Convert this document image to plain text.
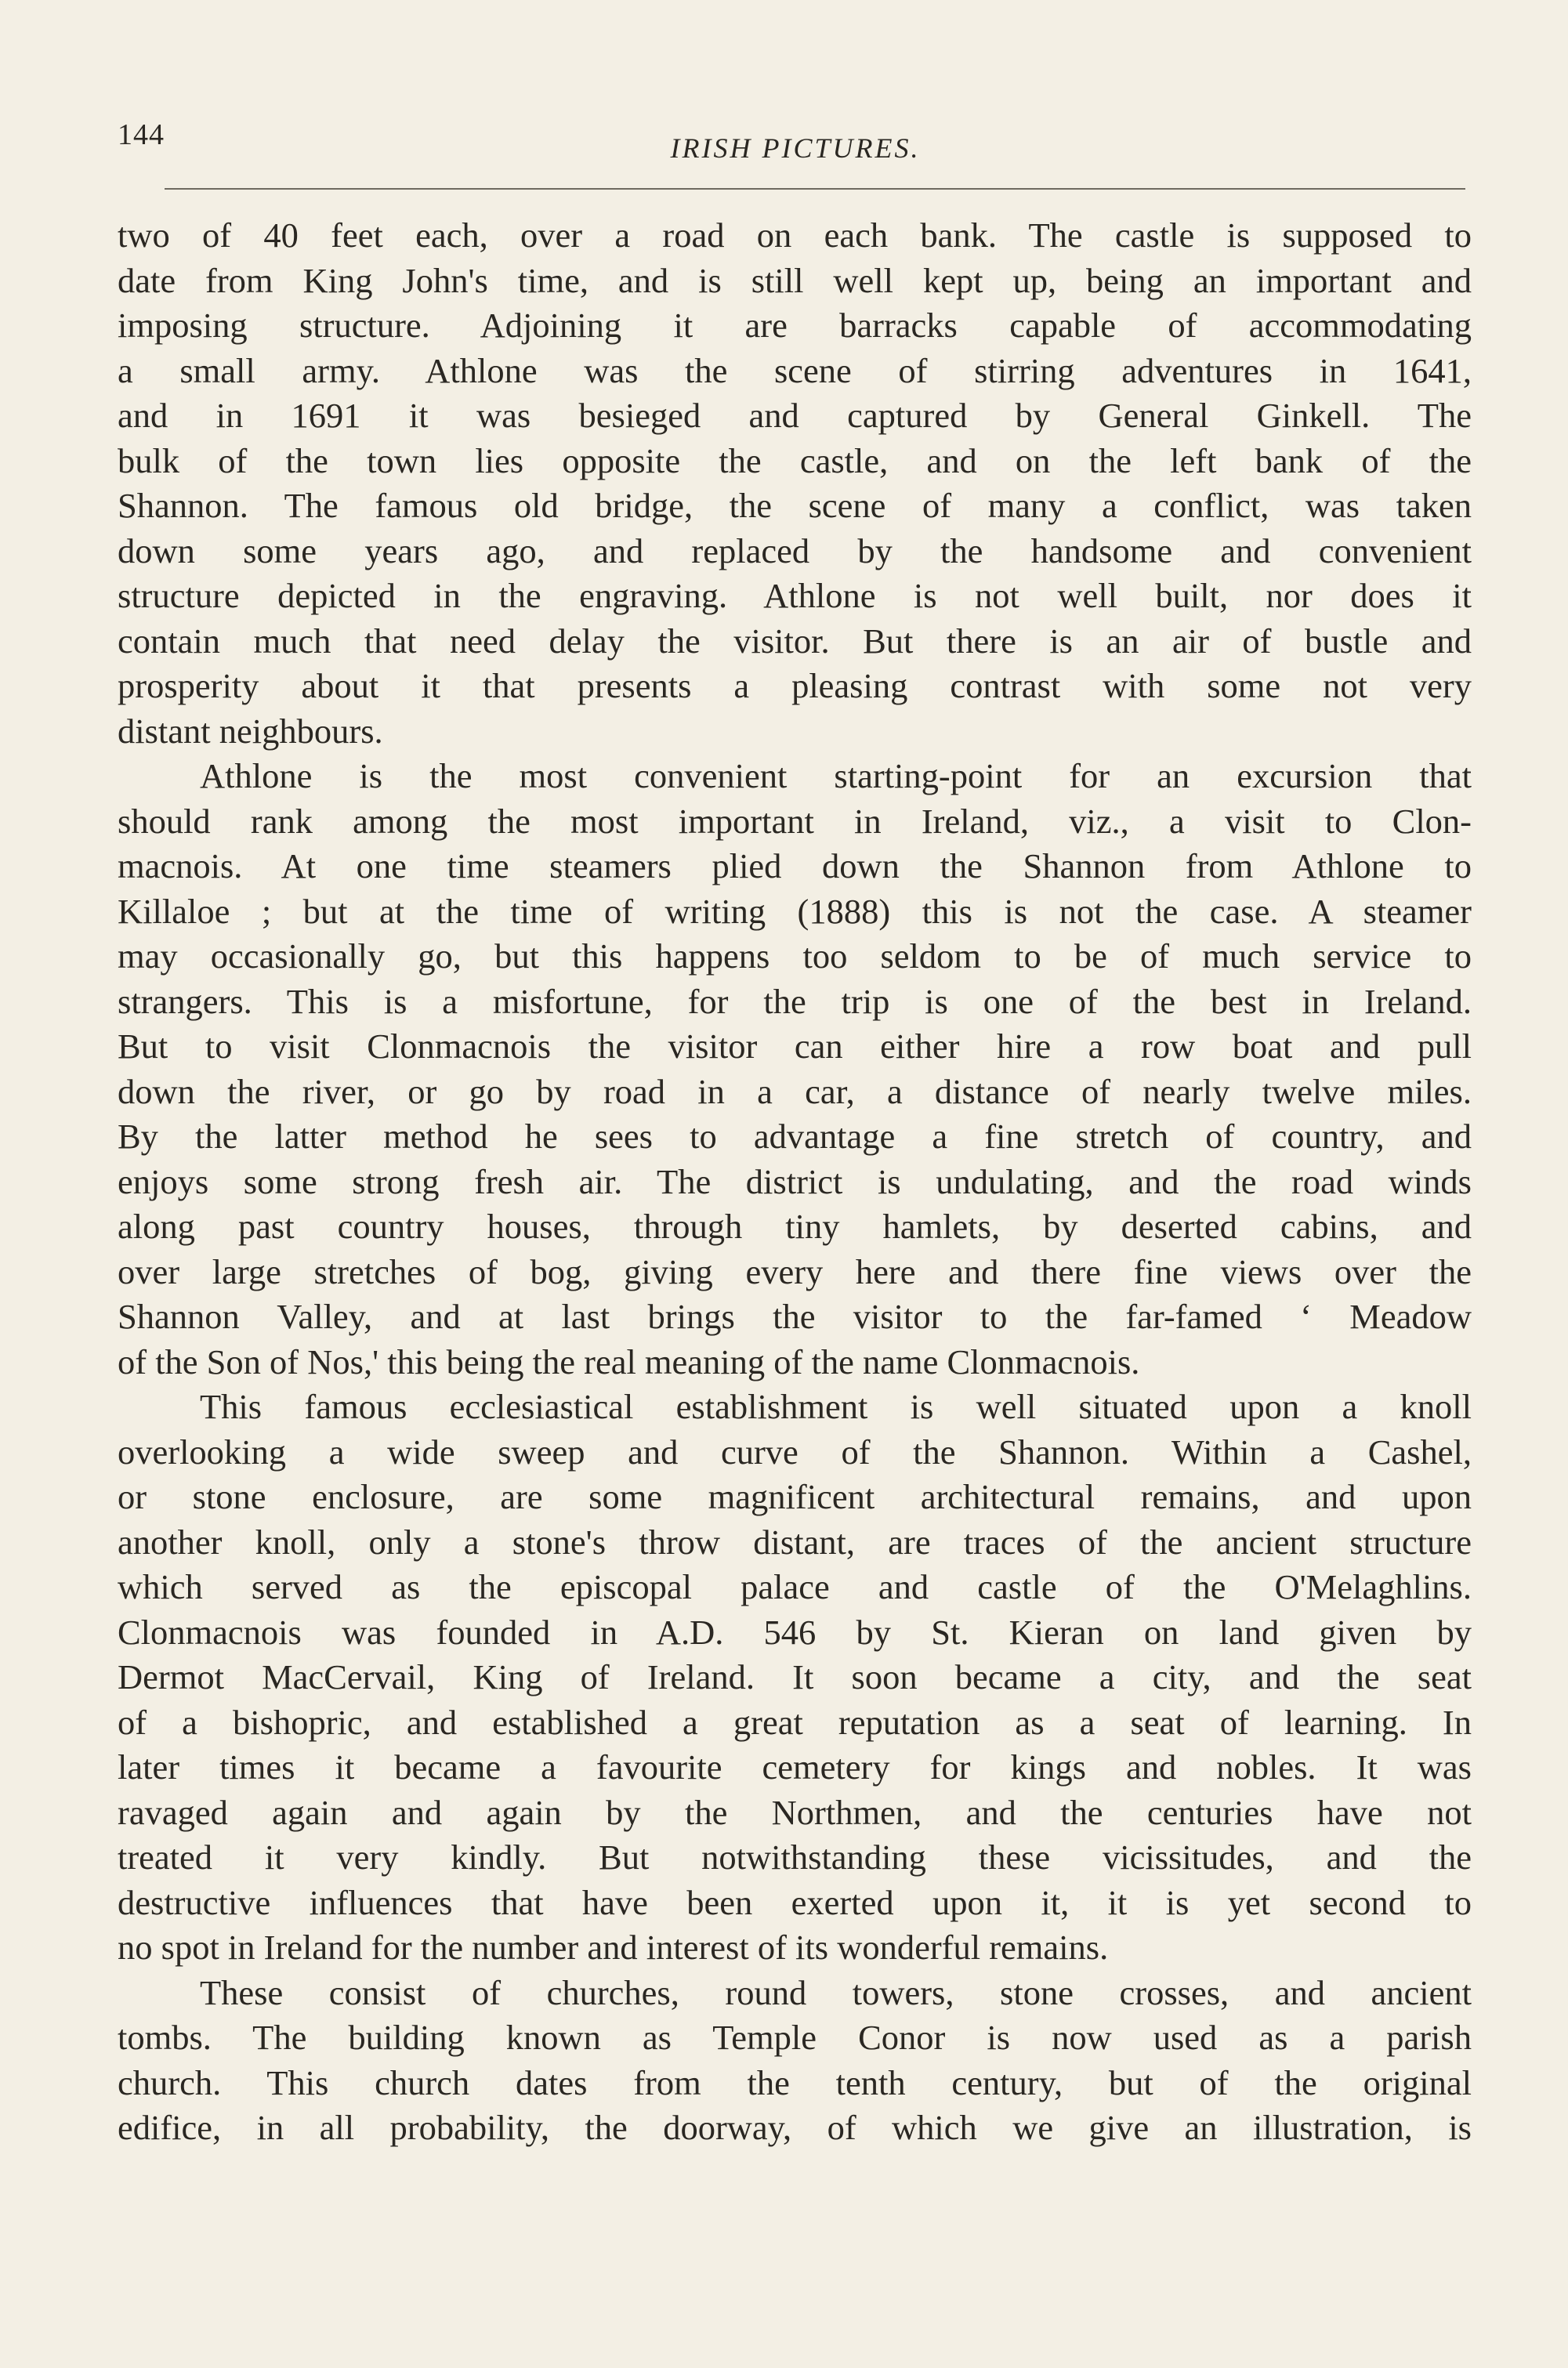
144	IRISH PICTURES.
two of 40 feet each, over a road on each bank. The castle is supposed to
date from King John's time, and is still well kept up, being an important and
imposing structure. Adjoining it are barracks capable of accommodating
a small army. Athlone was the scene of stirring adventures in 1641,
and in 1691 it was besieged and captured by General Ginkell. The
bulk of the town lies opposite the castle, and on the left bank of the
Shannon. The famous old bridge, the scene of many a conflict, was taken
down some years ago, and replaced by the handsome and convenient
structure depicted in the engraving. Athlone is not well built, nor does it
contain much that need delay the visitor. But there is an air of bustle and
prosperity about it that presents a pleasing contrast with some not very
distant neighbours.
Athlone is the most convenient starting-point for an excursion that
should rank among the most important in Ireland, viz., a visit to Clon-
macnois. At one time steamers plied down the Shannon from Athlone to
Killaloe ; but at the time of writing (1888) this is not the case. A steamer
may occasionally go, but this happens too seldom to be of much service to
strangers. This is a misfortune, for the trip is one of the best in Ireland.
But to visit Clonmacnois the visitor can either hire a row boat and pull
down the river, or go by road in a car, a distance of nearly twelve miles.
By the latter method he sees to advantage a fine stretch of country, and
enjoys some strong fresh air. The district is undulating, and the road winds
along past country houses, through tiny hamlets, by deserted cabins, and
over large stretches of bog, giving every here and there fine views over the
Shannon Valley, and at last brings the visitor to the far-famed ‘ Meadow
of the Son of Nos,' this being the real meaning of the name Clonmacnois.
This famous ecclesiastical establishment is well situated upon a knoll
overlooking a wide sweep and curve of the Shannon. Within a Cashel,
or stone enclosure, are some magnificent architectural remains, and upon
another knoll, only a stone's throw distant, are traces of the ancient structure
which served as the episcopal palace and castle of the O'Melaghlins.
Clonmacnois was founded in A.D. 546 by St. Kieran on land given by
Dermot MacCervail, King of Ireland. It soon became a city, and the seat
of a bishopric, and established a great reputation as a seat of learning. In
later times it became a favourite cemetery for kings and nobles. It was
ravaged again and again by the Northmen, and the centuries have not
treated it very kindly. But notwithstanding these vicissitudes, and the
destructive influences that have been exerted upon it, it is yet second to
no spot in Ireland for the number and interest of its wonderful remains.
These consist of churches, round towers, stone crosses, and ancient
tombs. The building known as Temple Conor is now used as a parish
church. This church dates from the tenth century, but of the original
edifice, in all probability, the doorway, of which we give an illustration, is
